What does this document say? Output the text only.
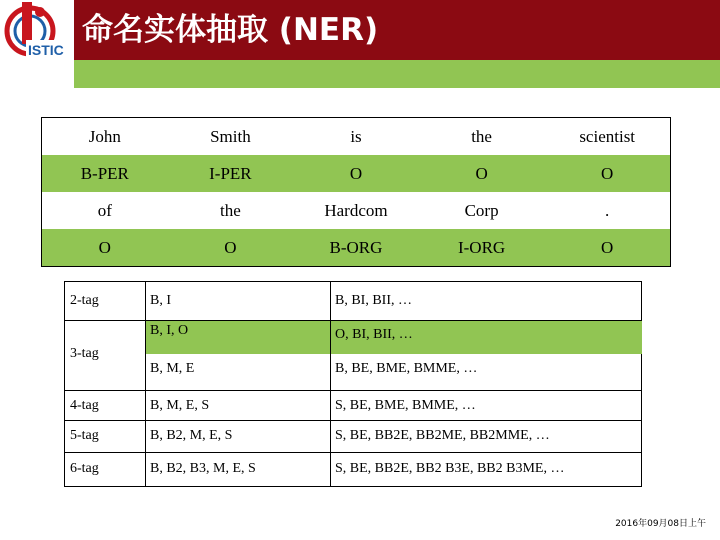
ISTIC
命名实体抽取 (NER)
John	Smith	is	the	scientist
B-PER	I-PER	O	O	O
of	the	Hardcom	Corp	.
O	O	B-ORG	I-ORG	O
2-tag	B, I	B, BI, BII, …
3-tag
B, I, O	O, BI, BII, …
B, M, E	B, BE, BME, BMME, …
4-tag	B, M, E, S	S, BE, BME, BMME, …
5-tag	B, B2, M, E, S	S, BE, BB2E, BB2ME, BB2MME, …
6-tag	B, B2, B3, M, E, S	S, BE, BB2E, BB2 B3E, BB2 B3ME, …
2016年09月08日上午
